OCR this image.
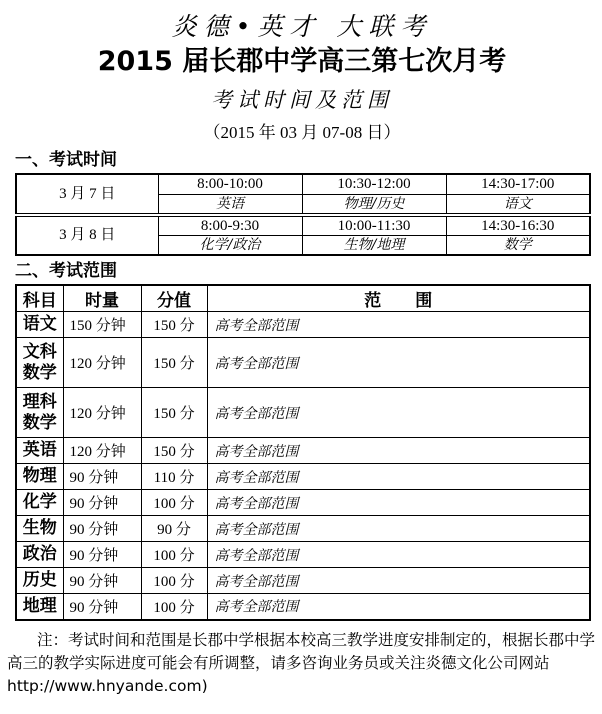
炎德•英才 大联考
2015 届长郡中学高三第七次月考
考试时间及范围
（2015 年 03 月 07-08 日）
一、考试时间
3 月 7 日	8:00-10:00	10:30-12:00	14:30-17:00
	英语	物理/历史	语文
3 月 8 日	8:00-9:30	10:00-11:30	14:30-16:30
	化学/政治	生物/地理	数学
二、考试范围
科目	时量	分值	范　　围
语文	150 分钟	150 分	高考全部范围
文科数学	120 分钟	150 分	高考全部范围
理科数学	120 分钟	150 分	高考全部范围
英语	120 分钟	150 分	高考全部范围
物理	90 分钟	110 分	高考全部范围
化学	90 分钟	100 分	高考全部范围
生物	90 分钟	90 分	高考全部范围
政治	90 分钟	100 分	高考全部范围
历史	90 分钟	100 分	高考全部范围
地理	90 分钟	100 分	高考全部范围

注：考试时间和范围是长郡中学根据本校高三教学进度安排制定的，根据长郡中学高三的教学实际进度可能会有所调整，请多咨询业务员或关注炎德文化公司网站 http://www.hnyande.com)
